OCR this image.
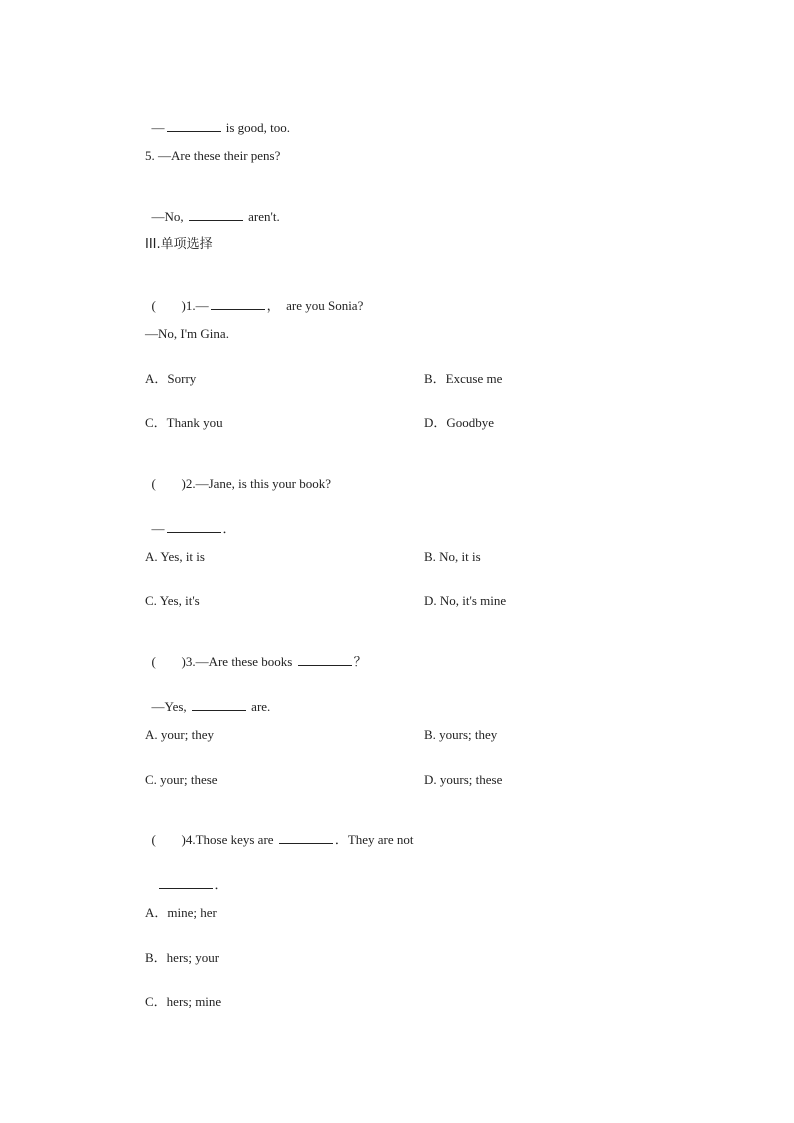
—	is good, too.

5. —Are these their pens?

—No,	aren't.

III.单项选择

( )1.—	，  are you Sonia?

—No, I'm Gina.
A．Sorry	B．Excuse me
C．Thank you	D．Goodbye

( )2.—Jane, is this your book?

—	．

A. Yes, it is	B. No, it is
C. Yes, it's	D. No, it's mine

( )3.—Are these books	？

—Yes,	are.

A. your; they	B. yours; they
C. your; these	D. yours; these

( )4.Those keys are	．They are not

．

A．mine; her
B．hers; your
C．hers; mine
